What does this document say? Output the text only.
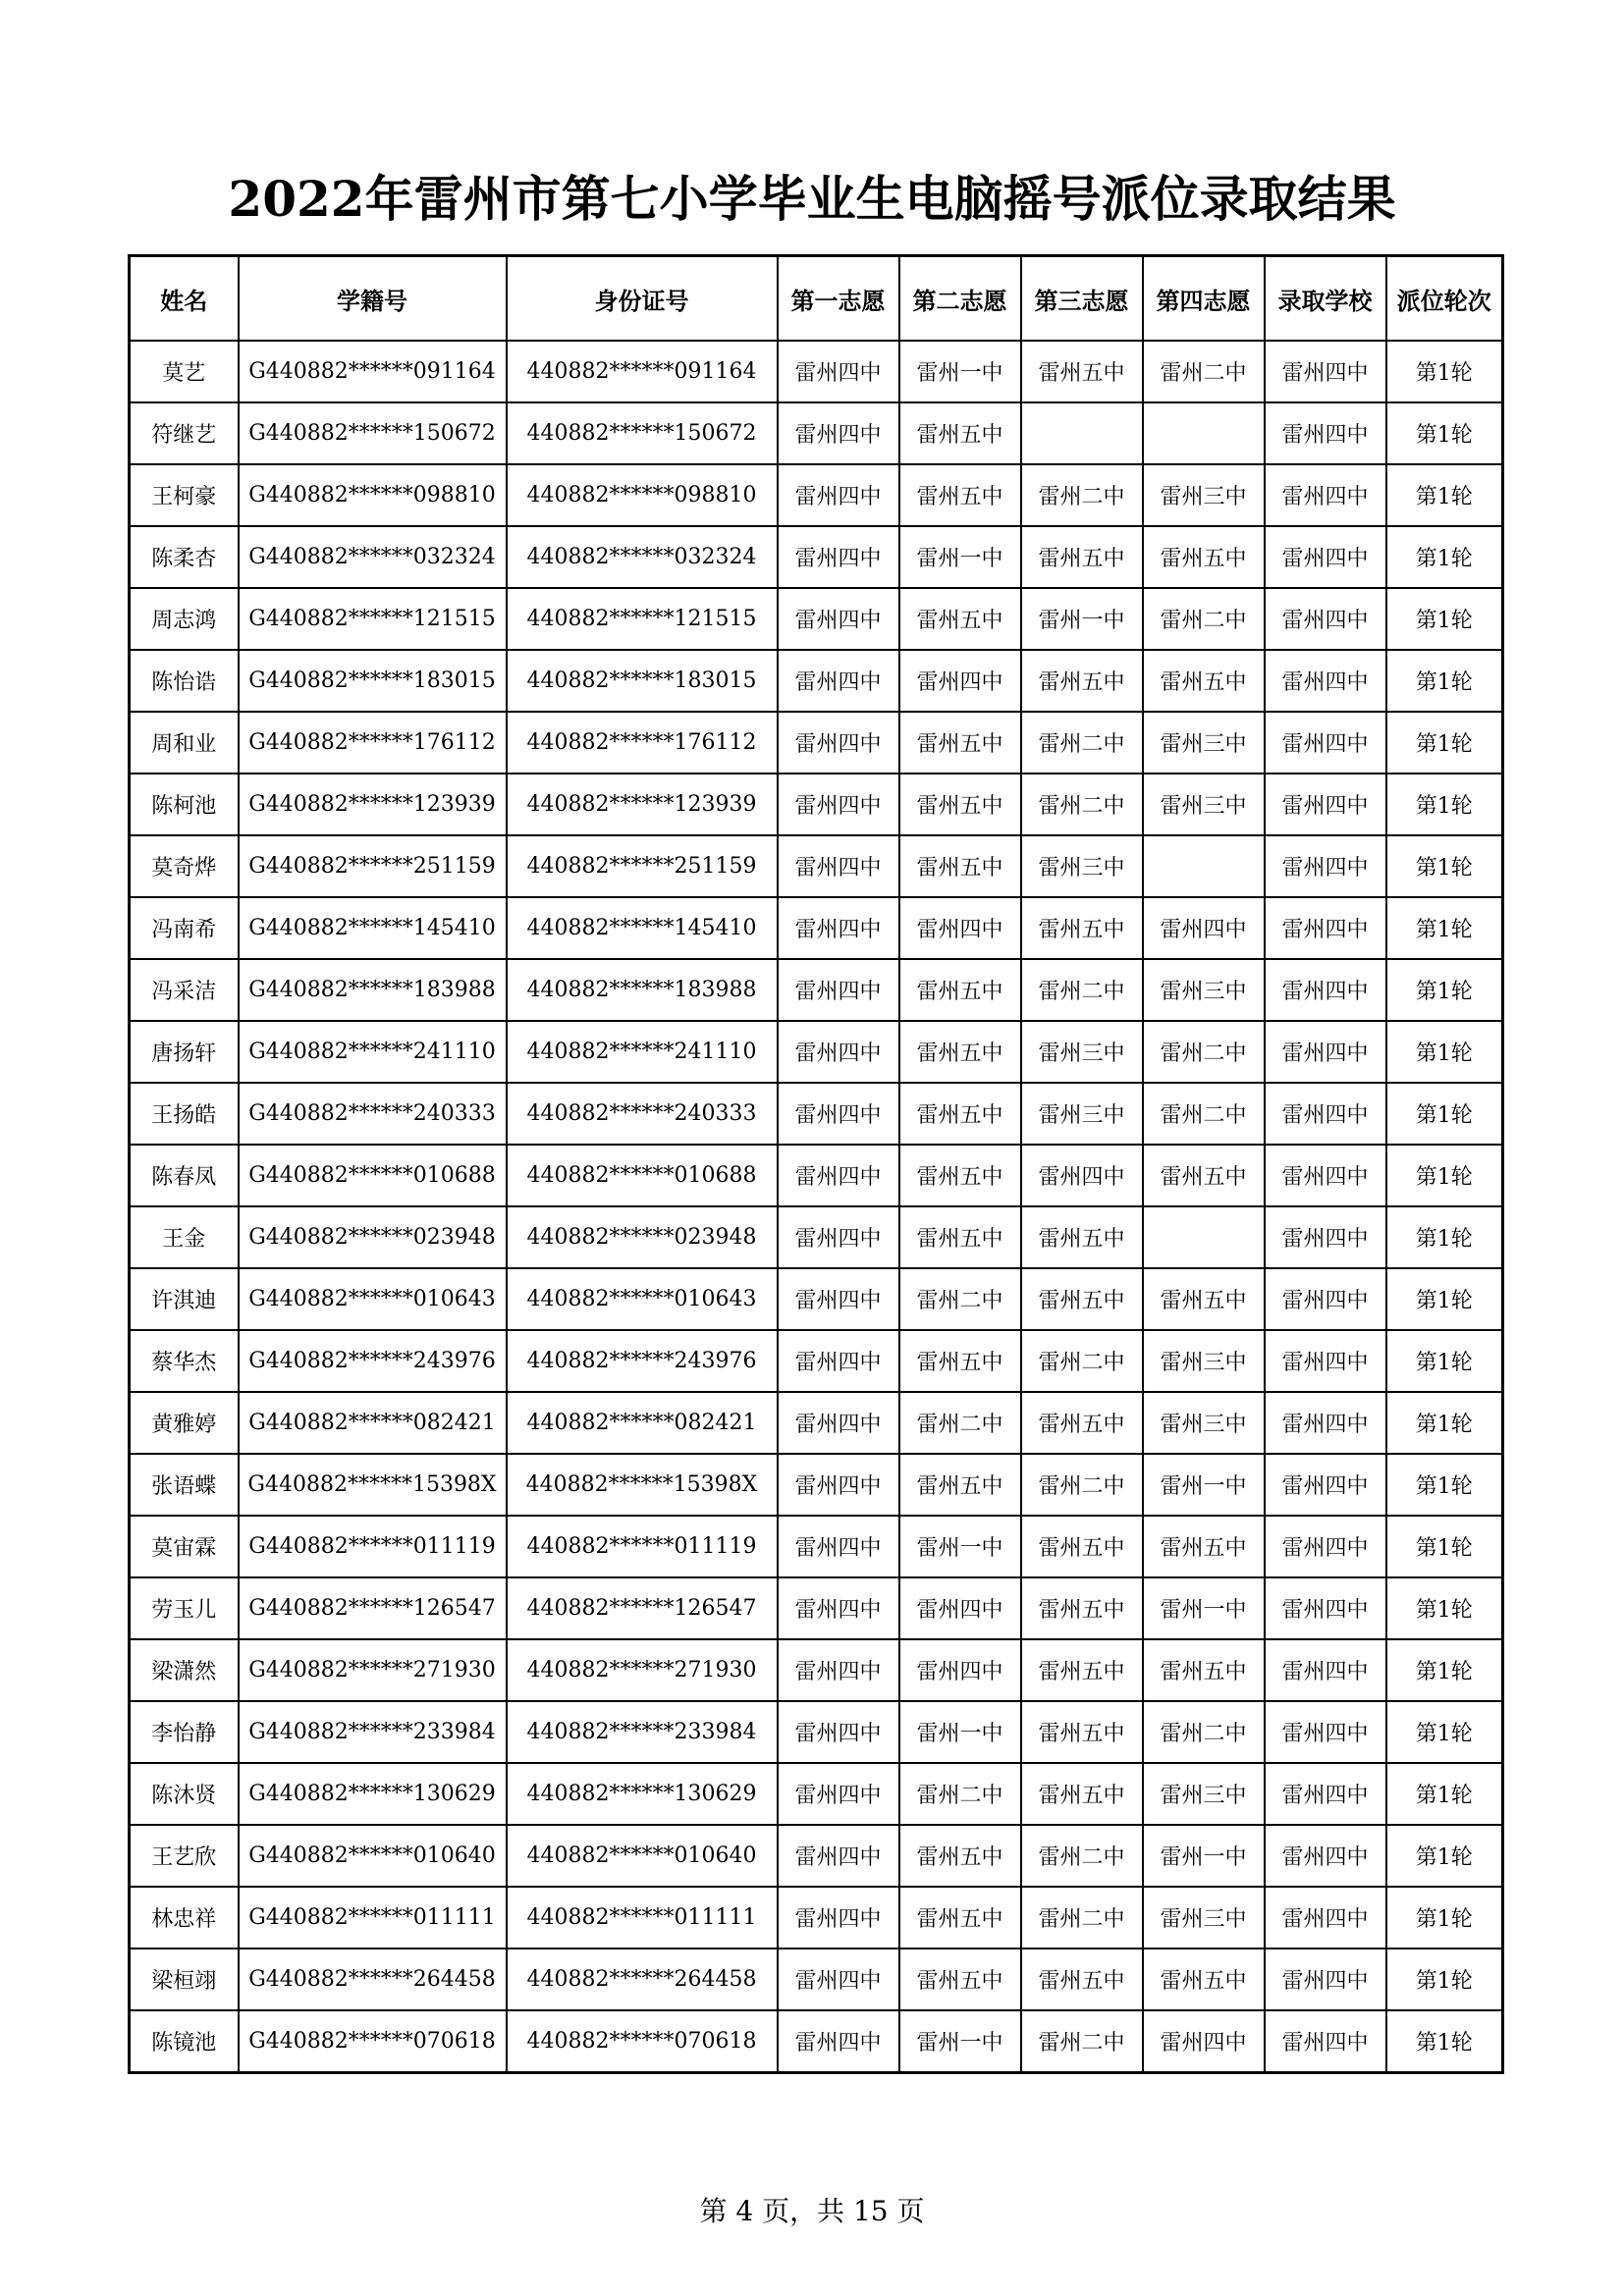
2022年雷州市第七小学毕业生电脑摇号派位录取结果
姓名	学籍号	身份证号	第一志愿	第二志愿	第三志愿	第四志愿	录取学校	派位轮次
莫艺	G440882******091164	440882******091164	雷州四中	雷州一中	雷州五中	雷州二中	雷州四中	第1轮
符继艺	G440882******150672	440882******150672	雷州四中	雷州五中			雷州四中	第1轮
王柯豪	G440882******098810	440882******098810	雷州四中	雷州五中	雷州二中	雷州三中	雷州四中	第1轮
陈柔杏	G440882******032324	440882******032324	雷州四中	雷州一中	雷州五中	雷州五中	雷州四中	第1轮
周志鸿	G440882******121515	440882******121515	雷州四中	雷州五中	雷州一中	雷州二中	雷州四中	第1轮
陈怡诰	G440882******183015	440882******183015	雷州四中	雷州四中	雷州五中	雷州五中	雷州四中	第1轮
周和业	G440882******176112	440882******176112	雷州四中	雷州五中	雷州二中	雷州三中	雷州四中	第1轮
陈柯池	G440882******123939	440882******123939	雷州四中	雷州五中	雷州二中	雷州三中	雷州四中	第1轮
莫奇烨	G440882******251159	440882******251159	雷州四中	雷州五中	雷州三中		雷州四中	第1轮
冯南希	G440882******145410	440882******145410	雷州四中	雷州四中	雷州五中	雷州四中	雷州四中	第1轮
冯采洁	G440882******183988	440882******183988	雷州四中	雷州五中	雷州二中	雷州三中	雷州四中	第1轮
唐扬轩	G440882******241110	440882******241110	雷州四中	雷州五中	雷州三中	雷州二中	雷州四中	第1轮
王扬皓	G440882******240333	440882******240333	雷州四中	雷州五中	雷州三中	雷州二中	雷州四中	第1轮
陈春凤	G440882******010688	440882******010688	雷州四中	雷州五中	雷州四中	雷州五中	雷州四中	第1轮
王金	G440882******023948	440882******023948	雷州四中	雷州五中	雷州五中		雷州四中	第1轮
许淇迪	G440882******010643	440882******010643	雷州四中	雷州二中	雷州五中	雷州五中	雷州四中	第1轮
蔡华杰	G440882******243976	440882******243976	雷州四中	雷州五中	雷州二中	雷州三中	雷州四中	第1轮
黄雅婷	G440882******082421	440882******082421	雷州四中	雷州二中	雷州五中	雷州三中	雷州四中	第1轮
张语蝶	G440882******15398X	440882******15398X	雷州四中	雷州五中	雷州二中	雷州一中	雷州四中	第1轮
莫宙霖	G440882******011119	440882******011119	雷州四中	雷州一中	雷州五中	雷州五中	雷州四中	第1轮
劳玉儿	G440882******126547	440882******126547	雷州四中	雷州四中	雷州五中	雷州一中	雷州四中	第1轮
梁潇然	G440882******271930	440882******271930	雷州四中	雷州四中	雷州五中	雷州五中	雷州四中	第1轮
李怡静	G440882******233984	440882******233984	雷州四中	雷州一中	雷州五中	雷州二中	雷州四中	第1轮
陈沐贤	G440882******130629	440882******130629	雷州四中	雷州二中	雷州五中	雷州三中	雷州四中	第1轮
王艺欣	G440882******010640	440882******010640	雷州四中	雷州五中	雷州二中	雷州一中	雷州四中	第1轮
林忠祥	G440882******011111	440882******011111	雷州四中	雷州五中	雷州二中	雷州三中	雷州四中	第1轮
梁桓翊	G440882******264458	440882******264458	雷州四中	雷州五中	雷州五中	雷州五中	雷州四中	第1轮
陈镜池	G440882******070618	440882******070618	雷州四中	雷州一中	雷州二中	雷州四中	雷州四中	第1轮
第 4 页，共 15 页
